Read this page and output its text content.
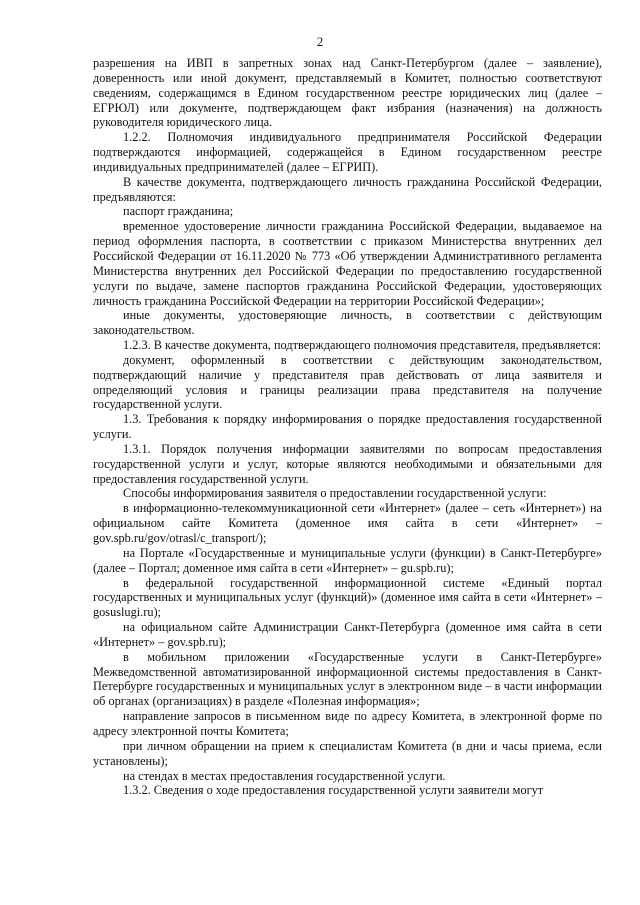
2

разрешения на ИВП в запретных зонах над Санкт-Петербургом (далее – заявление), доверенность или иной документ, представляемый в Комитет, полностью соответствуют сведениям, содержащимся в Едином государственном реестре юридических лиц (далее – ЕГРЮЛ) или документе, подтверждающем факт избрания (назначения) на должность руководителя юридического лица.

1.2.2. Полномочия индивидуального предпринимателя Российской Федерации подтверждаются информацией, содержащейся в Едином государственном реестре индивидуальных предпринимателей (далее – ЕГРИП).

В качестве документа, подтверждающего личность гражданина Российской Федерации, предъявляются:

паспорт гражданина;

временное удостоверение личности гражданина Российской Федерации, выдаваемое на период оформления паспорта, в соответствии с приказом Министерства внутренних дел Российской Федерации от 16.11.2020 № 773 «Об утверждении Административного регламента Министерства внутренних дел Российской Федерации по предоставлению государственной услуги по выдаче, замене паспортов гражданина Российской Федерации, удостоверяющих личность гражданина Российской Федерации на территории Российской Федерации»;

иные документы, удостоверяющие личность, в соответствии с действующим законодательством.

1.2.3. В качестве документа, подтверждающего полномочия представителя, предъявляется:

документ, оформленный в соответствии с действующим законодательством, подтверждающий наличие у представителя прав действовать от лица заявителя и определяющий условия и границы реализации права представителя на получение государственной услуги.

1.3. Требования к порядку информирования о порядке предоставления государственной услуги.

1.3.1. Порядок получения информации заявителями по вопросам предоставления государственной услуги и услуг, которые являются необходимыми и обязательными для предоставления государственной услуги.

Способы информирования заявителя о предоставлении государственной услуги:

в информационно-телекоммуникационной сети «Интернет» (далее – сеть «Интернет») на официальном сайте Комитета (доменное имя сайта в сети «Интернет» – gov.spb.ru/gov/otrasl/c_transport/);

на Портале «Государственные и муниципальные услуги (функции) в Санкт-Петербурге» (далее – Портал; доменное имя сайта в сети «Интернет» – gu.spb.ru);

в федеральной государственной информационной системе «Единый портал государственных и муниципальных услуг (функций)» (доменное имя сайта в сети «Интернет» – gosuslugi.ru);

на официальном сайте Администрации Санкт-Петербурга (доменное имя сайта в сети «Интернет» – gov.spb.ru);

в мобильном приложении «Государственные услуги в Санкт-Петербурге» Межведомственной автоматизированной информационной системы предоставления в Санкт-Петербурге государственных и муниципальных услуг в электронном виде – в части информации об органах (организациях) в разделе «Полезная информация»;

направление запросов в письменном виде по адресу Комитета, в электронной форме по адресу электронной почты Комитета;

при личном обращении на прием к специалистам Комитета (в дни и часы приема, если установлены);

на стендах в местах предоставления государственной услуги.

1.3.2. Сведения о ходе предоставления государственной услуги заявители могут
